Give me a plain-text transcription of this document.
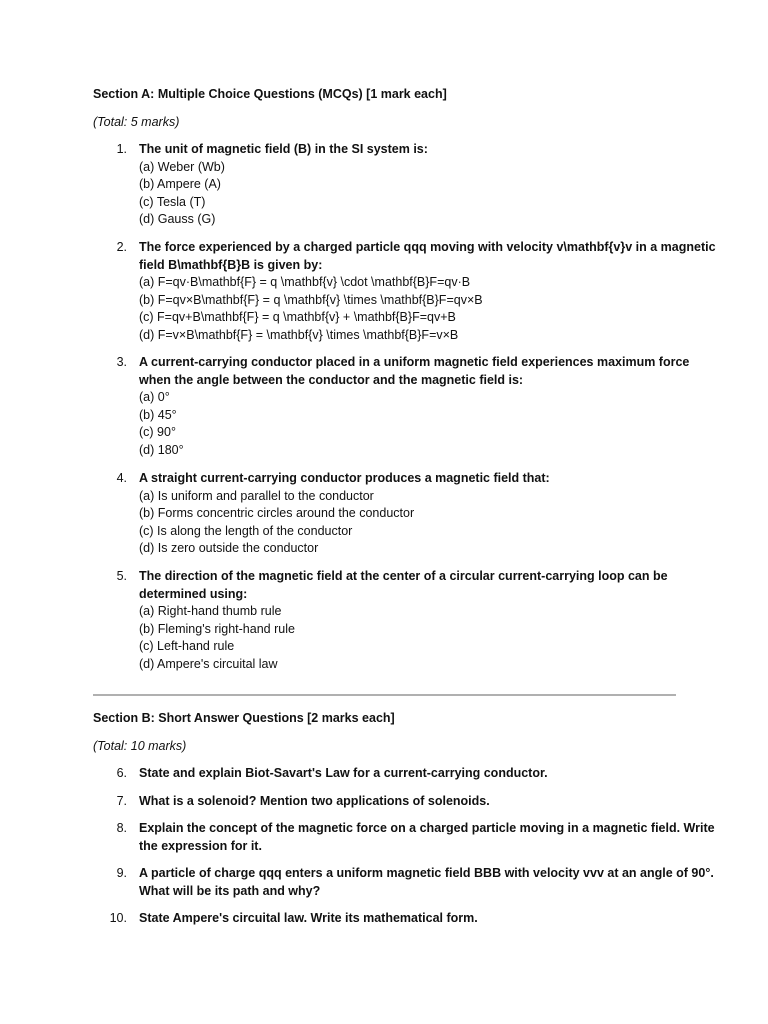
Section A: Multiple Choice Questions (MCQs) [1 mark each]

(Total: 5 marks)

1. The unit of magnetic field (B) in the SI system is:
(a) Weber (Wb)
(b) Ampere (A)
(c) Tesla (T)
(d) Gauss (G)
2. The force experienced by a charged particle qqq moving with velocity v\mathbf{v}v in a magnetic field B\mathbf{B}B is given by:
(a) F=qv·B\mathbf{F} = q \mathbf{v} \cdot \mathbf{B}F=qv·B
(b) F=qv×B\mathbf{F} = q \mathbf{v} \times \mathbf{B}F=qv×B
(c) F=qv+B\mathbf{F} = q \mathbf{v} + \mathbf{B}F=qv+B
(d) F=v×B\mathbf{F} = \mathbf{v} \times \mathbf{B}F=v×B
3. A current-carrying conductor placed in a uniform magnetic field experiences maximum force when the angle between the conductor and the magnetic field is:
(a) 0°
(b) 45°
(c) 90°
(d) 180°
4. A straight current-carrying conductor produces a magnetic field that:
(a) Is uniform and parallel to the conductor
(b) Forms concentric circles around the conductor
(c) Is along the length of the conductor
(d) Is zero outside the conductor
5. The direction of the magnetic field at the center of a circular current-carrying loop can be determined using:
(a) Right-hand thumb rule
(b) Fleming's right-hand rule
(c) Left-hand rule
(d) Ampere's circuital law

Section B: Short Answer Questions [2 marks each]

(Total: 10 marks)

6. State and explain Biot-Savart's Law for a current-carrying conductor.
7. What is a solenoid? Mention two applications of solenoids.
8. Explain the concept of the magnetic force on a charged particle moving in a magnetic field. Write the expression for it.
9. A particle of charge qqq enters a uniform magnetic field BBB with velocity vvv at an angle of 90°. What will be its path and why?
10. State Ampere's circuital law. Write its mathematical form.
